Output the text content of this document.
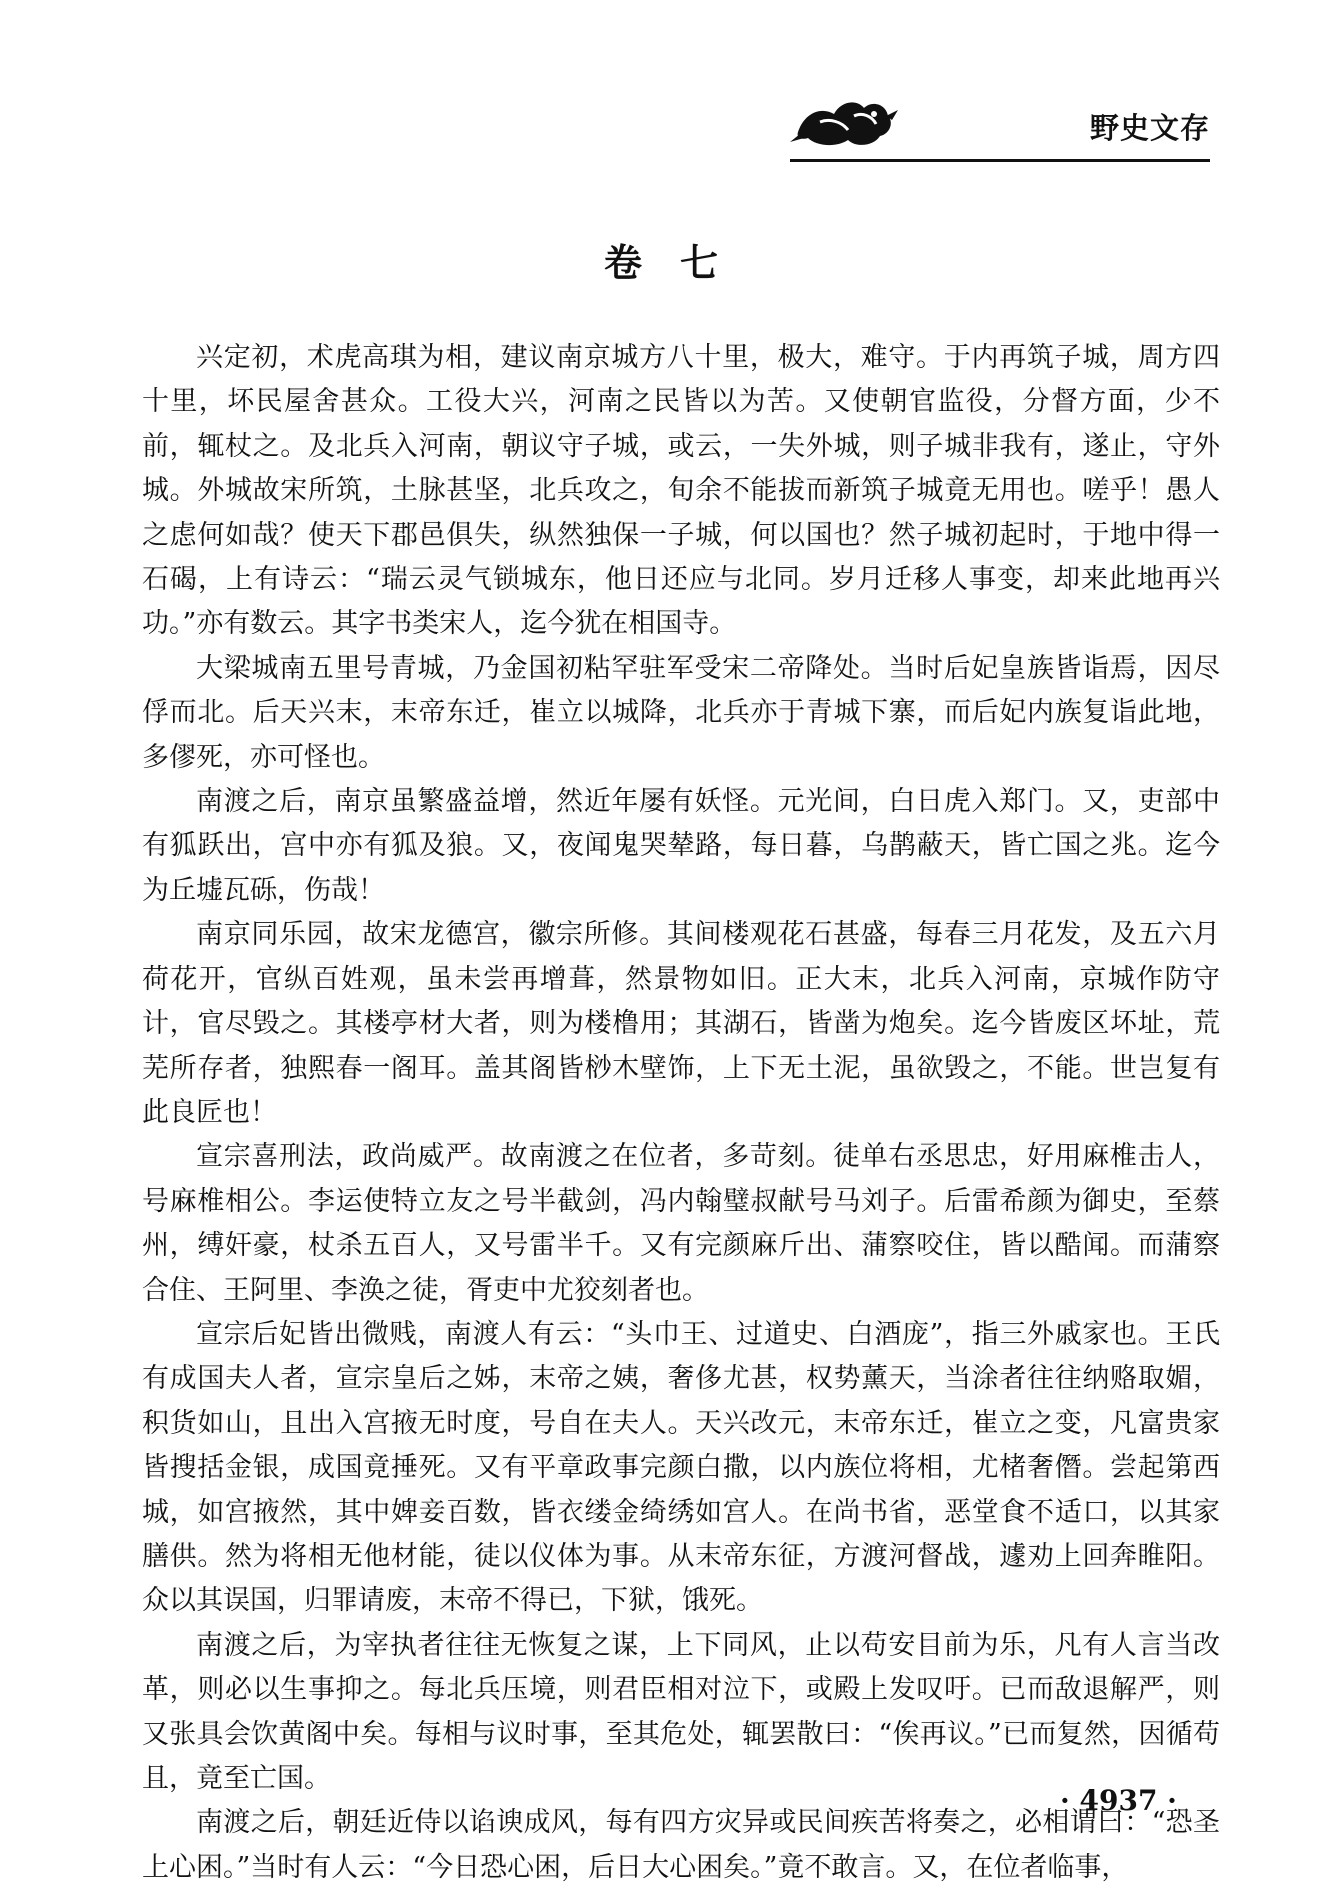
野史文存
卷　七

兴定初，术虎高琪为相，建议南京城方八十里，极大，难守。于内再筑子城，周方四十里，坏民屋舍甚众。工役大兴，河南之民皆以为苦。又使朝官监役，分督方面，少不前，辄杖之。及北兵入河南，朝议守子城，或云，一失外城，则子城非我有，遂止，守外城。外城故宋所筑，土脉甚坚，北兵攻之，旬余不能拔而新筑子城竟无用也。嗟乎！愚人之虑何如哉？使天下郡邑俱失，纵然独保一子城，何以国也？然子城初起时，于地中得一石碣，上有诗云：“瑞云灵气锁城东，他日还应与北同。岁月迁移人事变，却来此地再兴功。”亦有数云。其字书类宋人，迄今犹在相国寺。

大梁城南五里号青城，乃金国初粘罕驻军受宋二帝降处。当时后妃皇族皆诣焉，因尽俘而北。后天兴末，末帝东迁，崔立以城降，北兵亦于青城下寨，而后妃内族复诣此地，多僇死，亦可怪也。

南渡之后，南京虽繁盛益增，然近年屡有妖怪。元光间，白日虎入郑门。又，吏部中有狐跃出，宫中亦有狐及狼。又，夜闻鬼哭辇路，每日暮，乌鹊蔽天，皆亡国之兆。迄今为丘墟瓦砾，伤哉！

南京同乐园，故宋龙德宫，徽宗所修。其间楼观花石甚盛，每春三月花发，及五六月荷花开，官纵百姓观，虽未尝再增葺，然景物如旧。正大末，北兵入河南，京城作防守计，官尽毁之。其楼亭材大者，则为楼橹用；其湖石，皆凿为炮矣。迄今皆废区坏址，荒芜所存者，独熙春一阁耳。盖其阁皆桫木壁饰，上下无土泥，虽欲毁之，不能。世岂复有此良匠也！

宣宗喜刑法，政尚威严。故南渡之在位者，多苛刻。徒单右丞思忠，好用麻椎击人，号麻椎相公。李运使特立友之号半截剑，冯内翰璧叔献号马刘子。后雷希颜为御史，至蔡州，缚奸豪，杖杀五百人，又号雷半千。又有完颜麻斤出、蒲察咬住，皆以酷闻。而蒲察合住、王阿里、李涣之徒，胥吏中尤狡刻者也。

宣宗后妃皆出微贱，南渡人有云：“头巾王、过道史、白酒庞”，指三外戚家也。王氏有成国夫人者，宣宗皇后之姊，末帝之姨，奢侈尤甚，权势薰天，当涂者往往纳赂取媚，积货如山，且出入宫掖无时度，号自在夫人。天兴改元，末帝东迁，崔立之变，凡富贵家皆搜括金银，成国竟捶死。又有平章政事完颜白撒，以内族位将相，尤楮奢僭。尝起第西城，如宫掖然，其中婢妾百数，皆衣缕金绮绣如宫人。在尚书省，恶堂食不适口，以其家膳供。然为将相无他材能，徒以仪体为事。从末帝东征，方渡河督战，遽劝上回奔睢阳。众以其误国，归罪请废，末帝不得已，下狱，饿死。

南渡之后，为宰执者往往无恢复之谋，上下同风，止以苟安目前为乐，凡有人言当改革，则必以生事抑之。每北兵压境，则君臣相对泣下，或殿上发叹吁。已而敌退解严，则又张具会饮黄阁中矣。每相与议时事，至其危处，辄罢散曰：“俟再议。”已而复然，因循苟且，竟至亡国。

南渡之后，朝廷近侍以谄谀成风，每有四方灾异或民间疾苦将奏之，必相谓曰：“恐圣上心困。”当时有人云：“今日恐心困，后日大心困矣。”竟不敢言。又，在位者临事，

· 4937 ·
